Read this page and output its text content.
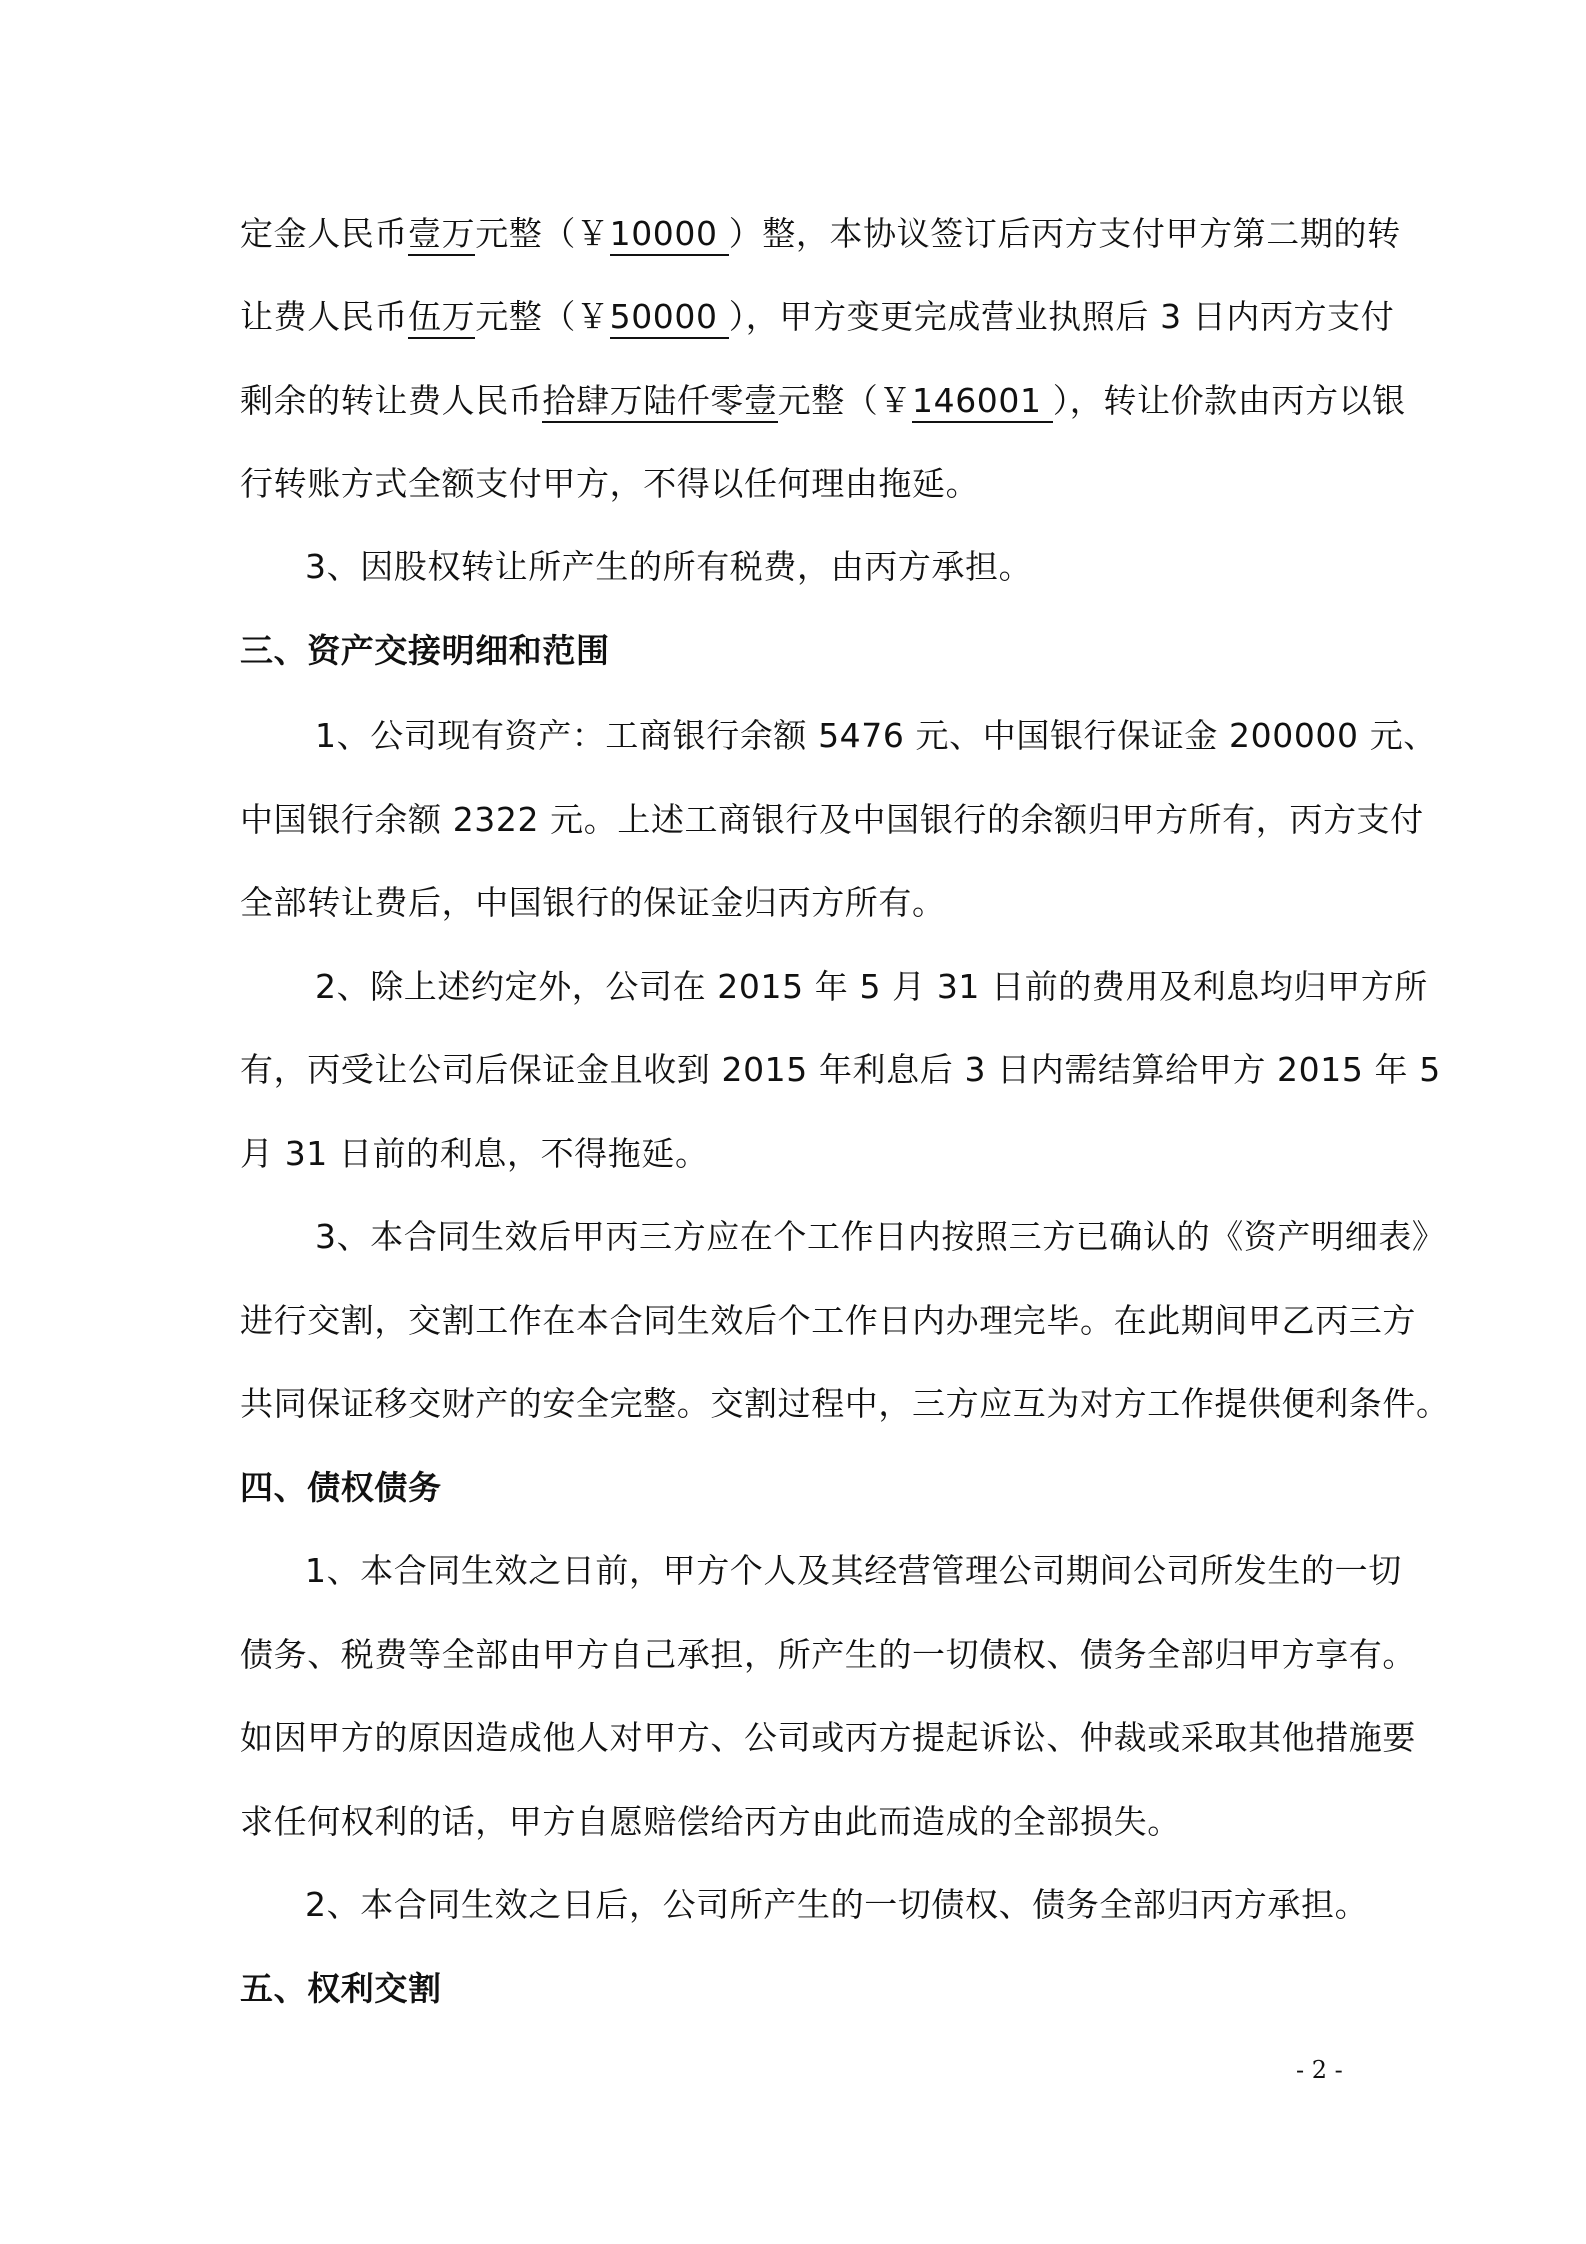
定金人民币壹万元整（￥10000 ）整，本协议签订后丙方支付甲方第二期的转
让费人民币伍万元整（￥50000 ），甲方变更完成营业执照后 3 日内丙方支付
剩余的转让费人民币拾肆万陆仟零壹元整（￥146001 ），转让价款由丙方以银
行转账方式全额支付甲方，不得以任何理由拖延。
3、因股权转让所产生的所有税费，由丙方承担。
三、资产交接明细和范围
1、公司现有资产：工商银行余额 5476 元、中国银行保证金 200000 元、
中国银行余额 2322 元。上述工商银行及中国银行的余额归甲方所有，丙方支付
全部转让费后，中国银行的保证金归丙方所有。
2、除上述约定外，公司在 2015 年 5 月 31 日前的费用及利息均归甲方所
有，丙受让公司后保证金且收到 2015 年利息后 3 日内需结算给甲方 2015 年 5
月 31 日前的利息，不得拖延。
3、本合同生效后甲丙三方应在个工作日内按照三方已确认的《资产明细表》
进行交割，交割工作在本合同生效后个工作日内办理完毕。在此期间甲乙丙三方
共同保证移交财产的安全完整。交割过程中，三方应互为对方工作提供便利条件。
四、债权债务
1、本合同生效之日前，甲方个人及其经营管理公司期间公司所发生的一切
债务、税费等全部由甲方自己承担，所产生的一切债权、债务全部归甲方享有。
如因甲方的原因造成他人对甲方、公司或丙方提起诉讼、仲裁或采取其他措施要
求任何权利的话，甲方自愿赔偿给丙方由此而造成的全部损失。
2、本合同生效之日后，公司所产生的一切债权、债务全部归丙方承担。
五、权利交割
- 2 -
